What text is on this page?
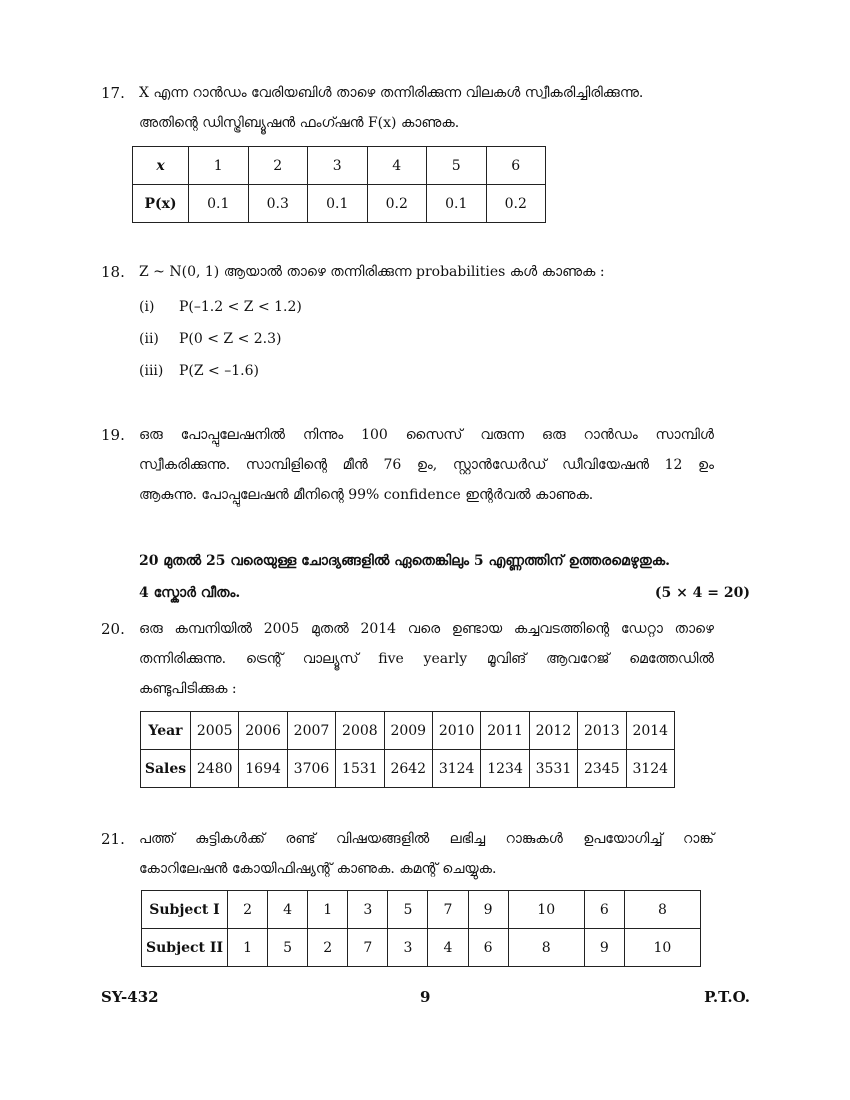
17. X എന്ന റാൻഡം വേരിയബിൾ താഴെ തന്നിരിക്കുന്ന വിലകൾ സ്വീകരിച്ചിരിക്കുന്നു.
അതിന്റെ ഡിസ്ട്രിബ്യൂഷൻ ഫംഗ്ഷൻ F(x) കാണുക.
x	1	2	3	4	5	6
P(x)	0.1	0.3	0.1	0.2	0.1	0.2
18. Z ~ N(0, 1) ആയാൽ താഴെ തന്നിരിക്കുന്ന probabilities കൾ കാണുക :
(i) P(–1.2 < Z < 1.2)
(ii) P(0 < Z < 2.3)
(iii) P(Z < –1.6)
19. ഒരു പോപ്പുലേഷനിൽ നിന്നും 100 സൈസ് വരുന്ന ഒരു റാൻഡം സാമ്പിൾ
സ്വീകരിക്കുന്നു. സാമ്പിളിന്റെ മീൻ 76 ഉം, സ്റ്റാൻഡേർഡ് ഡീവിയേഷൻ 12 ഉം
ആകുന്നു. പോപ്പുലേഷൻ മീനിന്റെ 99% confidence ഇന്റർവൽ കാണുക.
20 മുതൽ 25 വരെയുള്ള ചോദ്യങ്ങളിൽ ഏതെങ്കിലും 5 എണ്ണത്തിന് ഉത്തരമെഴുതുക.
4 സ്കോർ വീതം.	(5 × 4 = 20)
20. ഒരു കമ്പനിയിൽ 2005 മുതൽ 2014 വരെ ഉണ്ടായ കച്ചവടത്തിന്റെ ഡേറ്റാ താഴെ
തന്നിരിക്കുന്നു. ട്രെന്റ് വാല്യൂസ് five yearly മൂവിങ് ആവറേജ് മെത്തേഡിൽ
കണ്ടുപിടിക്കുക :
Year	2005	2006	2007	2008	2009	2010	2011	2012	2013	2014
Sales	2480	1694	3706	1531	2642	3124	1234	3531	2345	3124
21. പത്ത് കുട്ടികൾക്ക് രണ്ട് വിഷയങ്ങളിൽ ലഭിച്ച റാങ്കുകൾ ഉപയോഗിച്ച് റാങ്ക്
കോറിലേഷൻ കോയിഫിഷ്യന്റ് കാണുക. കമന്റ് ചെയ്യുക.
Subject I	2	4	1	3	5	7	9	10	6	8
Subject II	1	5	2	7	3	4	6	8	9	10
SY-432	9	P.T.O.
